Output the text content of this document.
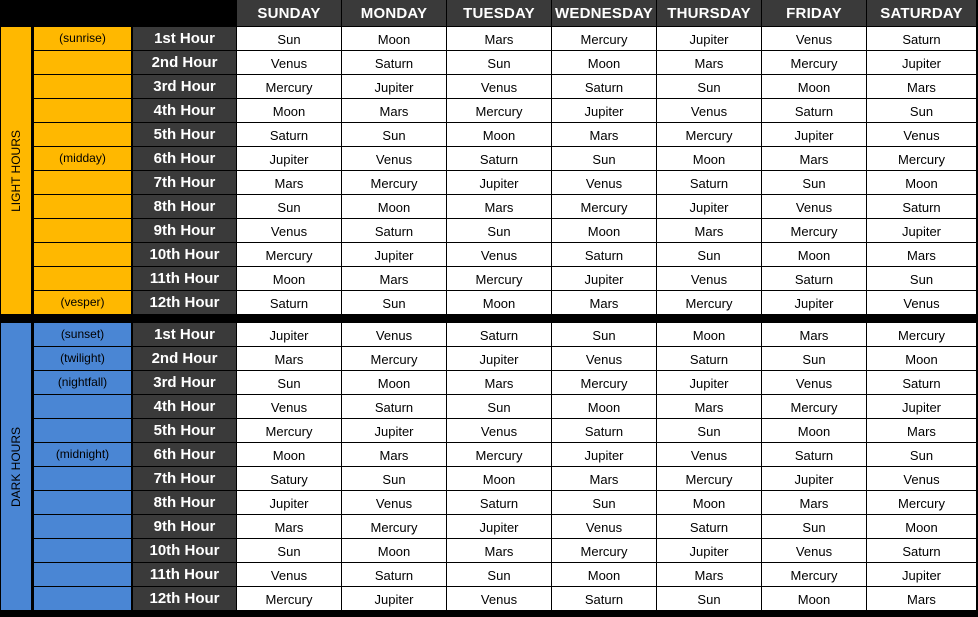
SUNDAY	MONDAY	TUESDAY	WEDNESDAY THURSDAY	FRIDAY	SATURDAY
LIGHT HOURS
(sunrise)	1st Hour	Sun	Moon	Mars	Mercury	Jupiter	Venus	Saturn
2nd Hour	Venus	Saturn	Sun	Moon	Mars	Mercury	Jupiter
3rd Hour	Mercury	Jupiter	Venus	Saturn	Sun	Moon	Mars
4th Hour	Moon	Mars	Mercury	Jupiter	Venus	Saturn	Sun
5th Hour	Saturn	Sun	Moon	Mars	Mercury	Jupiter	Venus
(midday)	6th Hour	Jupiter	Venus	Saturn	Sun	Moon	Mars	Mercury
7th Hour	Mars	Mercury	Jupiter	Venus	Saturn	Sun	Moon
8th Hour	Sun	Moon	Mars	Mercury	Jupiter	Venus	Saturn
9th Hour	Venus	Saturn	Sun	Moon	Mars	Mercury	Jupiter
10th Hour	Mercury	Jupiter	Venus	Saturn	Sun	Moon	Mars
11th Hour	Moon	Mars	Mercury	Jupiter	Venus	Saturn	Sun
(vesper)	12th Hour	Saturn	Sun	Moon	Mars	Mercury	Jupiter	Venus
DARK HOURS
(sunset)	1st Hour	Jupiter	Venus	Saturn	Sun	Moon	Mars	Mercury
(twilight)	2nd Hour	Mars	Mercury	Jupiter	Venus	Saturn	Sun	Moon
(nightfall)	3rd Hour	Sun	Moon	Mars	Mercury	Jupiter	Venus	Saturn
4th Hour	Venus	Saturn	Sun	Moon	Mars	Mercury	Jupiter
5th Hour	Mercury	Jupiter	Venus	Saturn	Sun	Moon	Mars
(midnight)	6th Hour	Moon	Mars	Mercury	Jupiter	Venus	Saturn	Sun
7th Hour	Satury	Sun	Moon	Mars	Mercury	Jupiter	Venus
8th Hour	Jupiter	Venus	Saturn	Sun	Moon	Mars	Mercury
9th Hour	Mars	Mercury	Jupiter	Venus	Saturn	Sun	Moon
10th Hour	Sun	Moon	Mars	Mercury	Jupiter	Venus	Saturn
11th Hour	Venus	Saturn	Sun	Moon	Mars	Mercury	Jupiter
12th Hour	Mercury	Jupiter	Venus	Saturn	Sun	Moon	Mars
